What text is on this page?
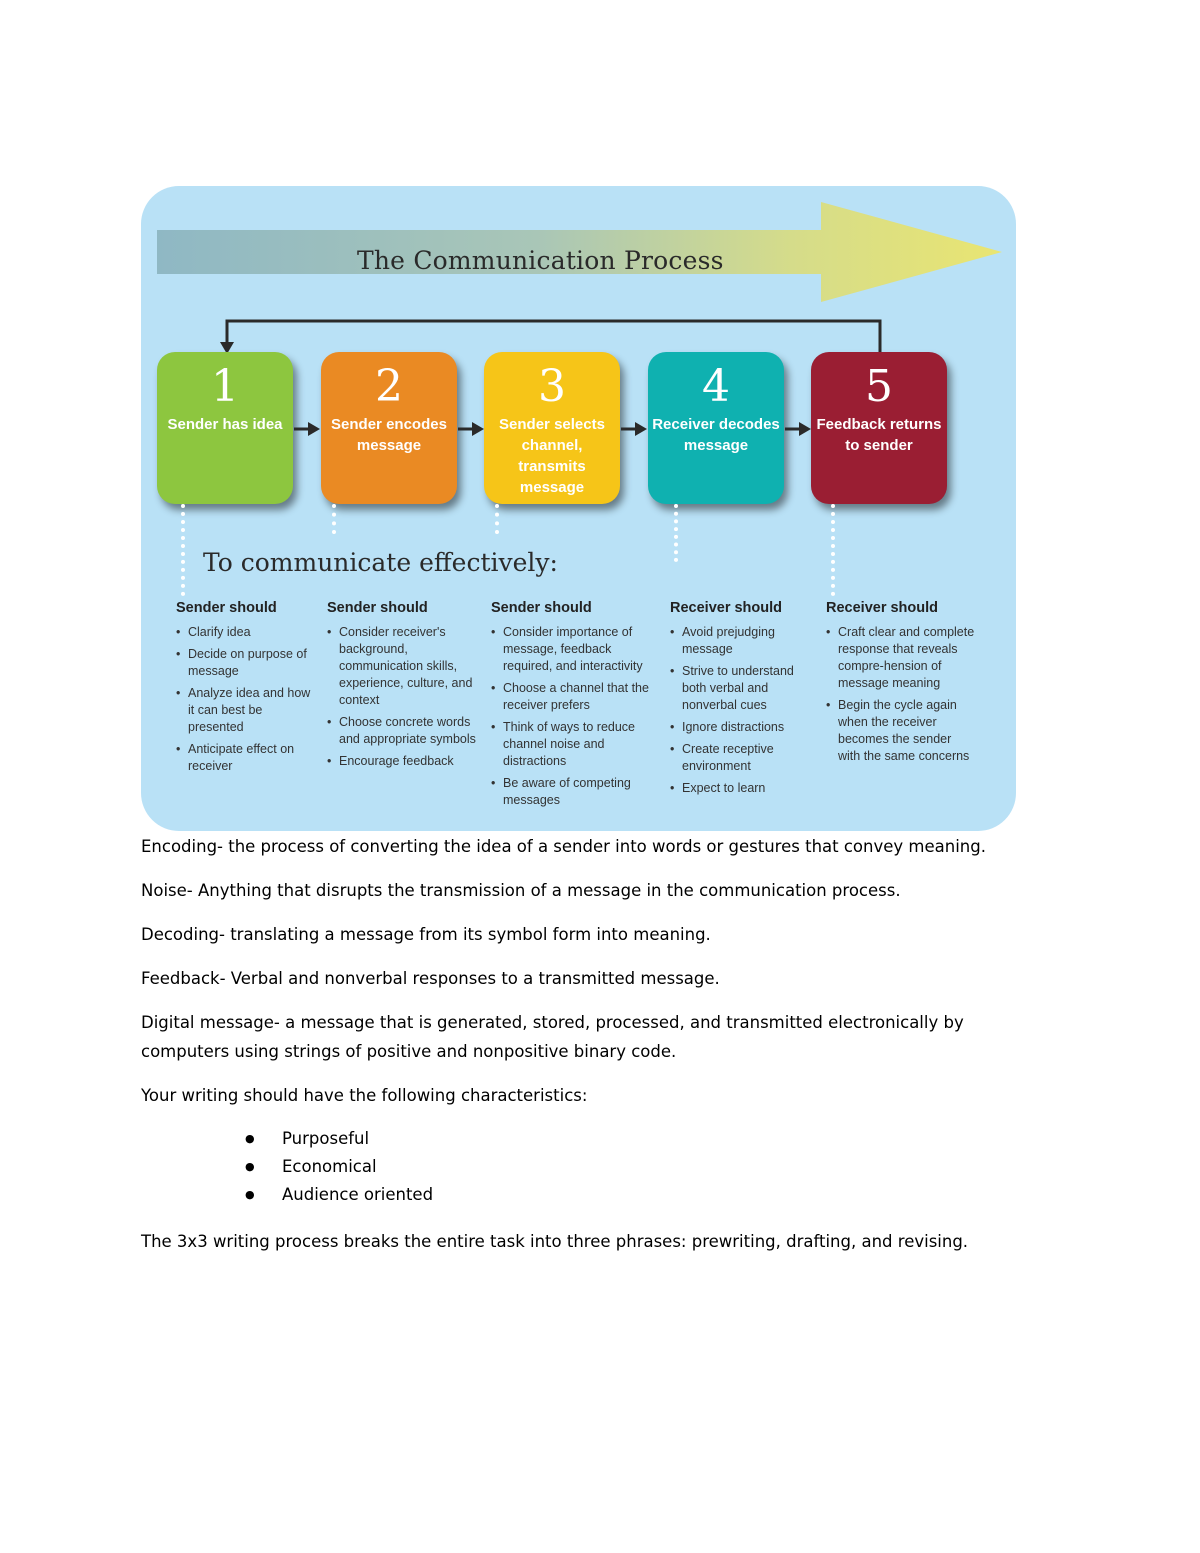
The Communication Process
1
Sender has idea
2
Sender encodes message
3
Sender selects channel, transmits message
4
Receiver decodes message
5
Feedback returns to sender
To communicate effectively:
Sender should
• Clarify idea
• Decide on purpose of message
• Analyze idea and how it can best be presented
• Anticipate effect on receiver
Sender should
• Consider receiver's background, communication skills, experience, culture, and context
• Choose concrete words and appropriate symbols
• Encourage feedback
Sender should
• Consider importance of message, feedback required, and interactivity
• Choose a channel that the receiver prefers
• Think of ways to reduce channel noise and distractions
• Be aware of competing messages
Receiver should
• Avoid prejudging message
• Strive to understand both verbal and nonverbal cues
• Ignore distractions
• Create receptive environment
• Expect to learn
Receiver should
• Craft clear and complete response that reveals compre-hension of message meaning
• Begin the cycle again when the receiver becomes the sender with the same concerns
Encoding- the process of converting the idea of a sender into words or gestures that convey meaning.
Noise- Anything that disrupts the transmission of a message in the communication process.
Decoding- translating a message from its symbol form into meaning.
Feedback- Verbal and nonverbal responses to a transmitted message.
Digital message- a message that is generated, stored, processed, and transmitted electronically by
computers using strings of positive and nonpositive binary code.
Your writing should have the following characteristics:
● Purposeful
● Economical
● Audience oriented
The 3x3 writing process breaks the entire task into three phrases: prewriting, drafting, and revising.
